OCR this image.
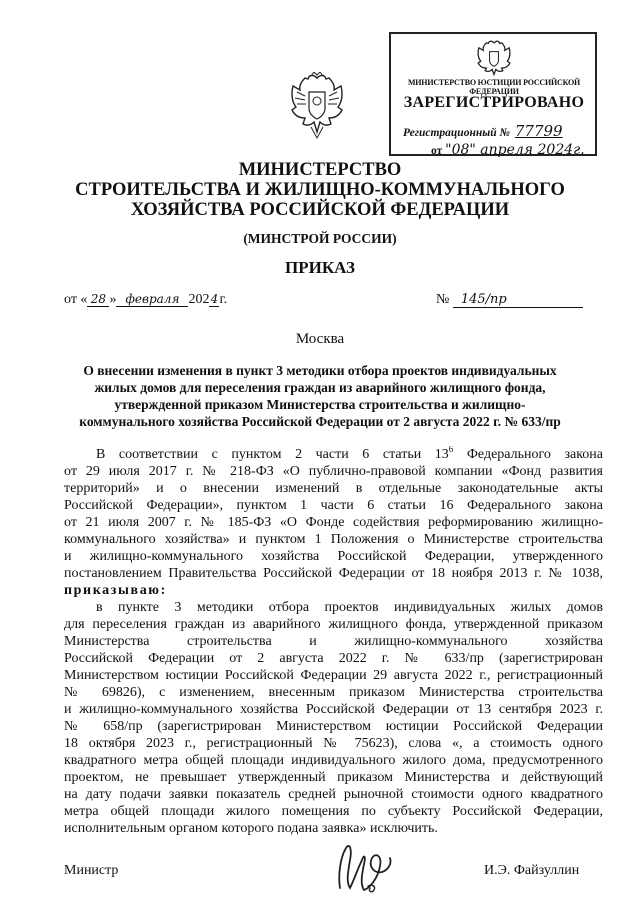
МИНИСТЕРСТВО ЮСТИЦИИ РОССИЙСКОЙ ФЕДЕРАЦИИ
ЗАРЕГИСТРИРОВАНО
Регистрационный № 77799
от "08" апреля 2024г.
МИНИСТЕРСТВО
СТРОИТЕЛЬСТВА И ЖИЛИЩНО-КОММУНАЛЬНОГО
ХОЗЯЙСТВА РОССИЙСКОЙ ФЕДЕРАЦИИ
(МИНСТРОЙ РОССИИ)
ПРИКАЗ
от « 28 » февраля 2024г.	№ 145/пр
Москва
О внесении изменения в пункт 3 методики отбора проектов индивидуальных
жилых домов для переселения граждан из аварийного жилищного фонда,
утвержденной приказом Министерства строительства и жилищно-
коммунального хозяйства Российской Федерации от 2 августа 2022 г. № 633/пр
В соответствии с пунктом 2 части 6 статьи $13^6$ Федерального закона
от 29 июля 2017 г. № 218-ФЗ «О публично-правовой компании «Фонд развития
территорий» и о внесении изменений в отдельные законодательные акты
Российской Федерации», пунктом 1 части 6 статьи 16 Федерального закона
от 21 июля 2007 г. № 185-ФЗ «О Фонде содействия реформированию жилищно-
коммунального хозяйства» и пунктом 1 Положения о Министерстве строительства
и жилищно-коммунального хозяйства Российской Федерации, утвержденного
постановлением Правительства Российской Федерации от 18 ноября 2013 г. № 1038,
приказываю:
в пункте 3 методики отбора проектов индивидуальных жилых домов
для переселения граждан из аварийного жилищного фонда, утвержденной приказом
Министерства строительства и жилищно-коммунального хозяйства
Российской Федерации от 2 августа 2022 г. № 633/пр (зарегистрирован
Министерством юстиции Российской Федерации 29 августа 2022 г., регистрационный
№ 69826), с изменением, внесенным приказом Министерства строительства
и жилищно-коммунального хозяйства Российской Федерации от 13 сентября 2023 г.
№ 658/пр (зарегистрирован Министерством юстиции Российской Федерации
18 октября 2023 г., регистрационный № 75623), слова «, а стоимость одного
квадратного метра общей площади индивидуального жилого дома, предусмотренного
проектом, не превышает утвержденный приказом Министерства и действующий
на дату подачи заявки показатель средней рыночной стоимости одного квадратного
метра общей площади жилого помещения по субъекту Российской Федерации,
исполнительным органом которого подана заявка» исключить.
Министр	И.Э. Файзуллин
